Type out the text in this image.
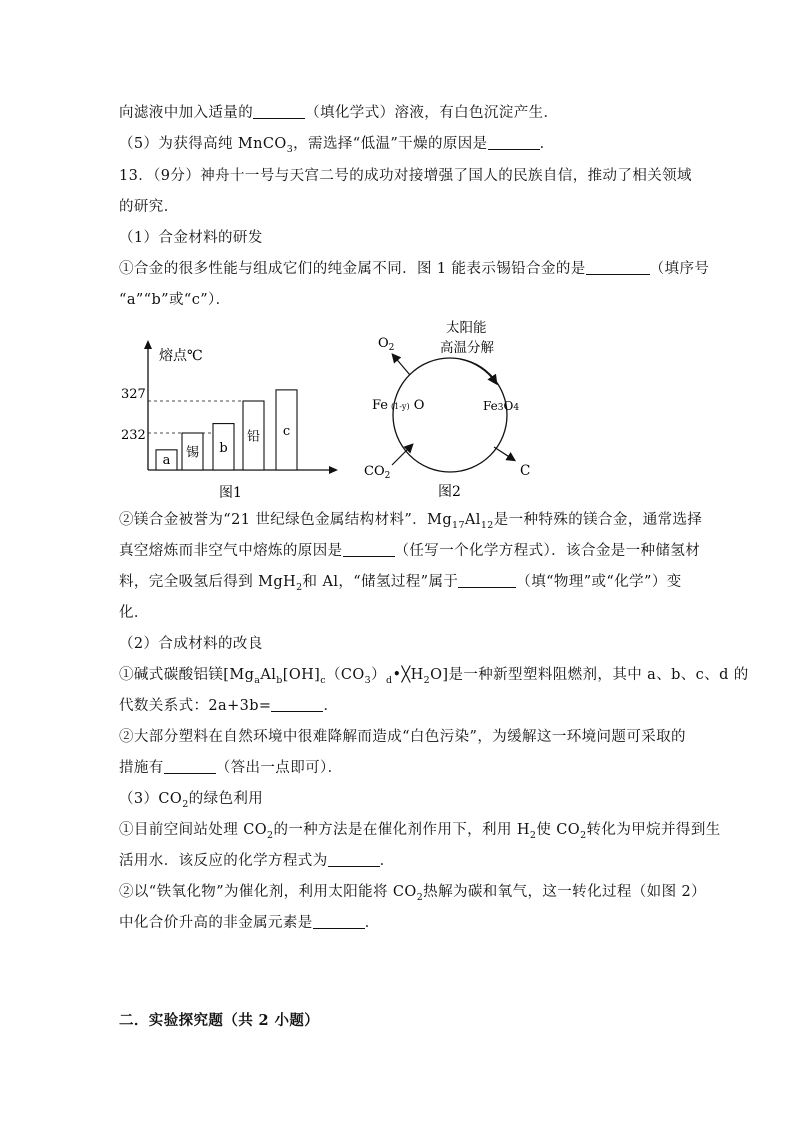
向滤液中加入适量的	（填化学式）溶液，有白色沉淀产生．
（5）为获得高纯 MnCO$_3$，需选择“低温”干燥的原因是	．
13．（9分）神舟十一号与天宫二号的成功对接增强了国人的民族自信，推动了相关领域
的研究．
（1）合金材料的研发
①合金的很多性能与组成它们的纯金属不同．图 1 能表示锡铅合金的是	（填序号
“a”“b”或“c”）．
熔点℃
327
232
a 锡 b
铅 c
图1
太阳能
高温分解
$O_2$
C
$CO_2$
Fe (1-y) O	Fe3O4
图2
②镁合金被誉为“21 世纪绿色金属结构材料”．$Mg_{17}Al_{12}$是一种特殊的镁合金，通常选择
真空熔炼而非空气中熔炼的原因是	（任写一个化学方程式）．该合金是一种储氢材
料，完全吸氢后得到 MgH$_2$和 Al，“储氢过程”属于	（填“物理”或“化学”）变
化．
（2）合成材料的改良
①碱式碳酸铝镁$[Mg_aAl_b[OH]_c(CO_3)_d•╳H_2O]$是一种新型塑料阻燃剂，其中 a、b、c、d 的
代数关系式：2a+3b=	．
②大部分塑料在自然环境中很难降解而造成“白色污染”，为缓解这一环境问题可采取的
措施有	（答出一点即可）．
$(3)CO_2$的绿色利用
①目前空间站处理 $CO_2$的一种方法是在催化剂作用下，利用 $H_2$使 $CO_2$转化为甲烷并得到生
活用水．该反应的化学方程式为	．
②以“铁氧化物”为催化剂，利用太阳能将 $CO_2$热解为碳和氧气，这一转化过程（如图 2）
中化合价升高的非金属元素是	．
二．实验探究题（共 2 小题）
